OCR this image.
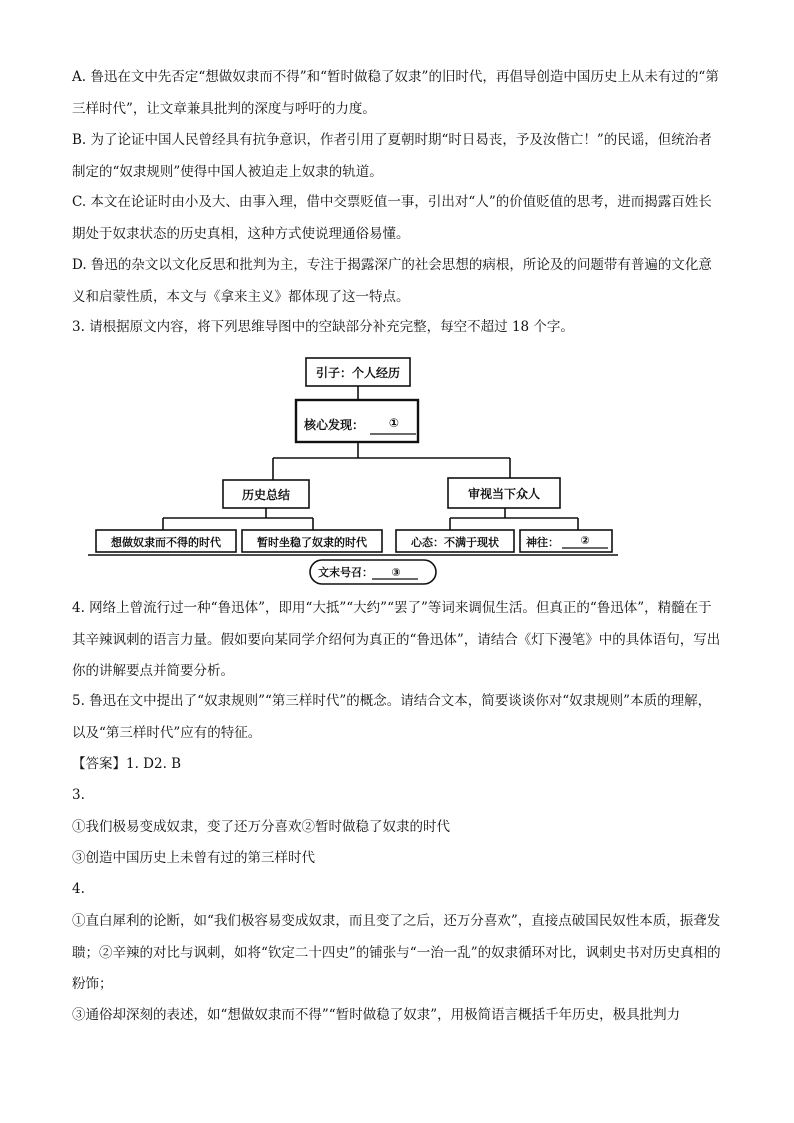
A. 鲁迅在文中先否定“想做奴隶而不得”和“暂时做稳了奴隶”的旧时代，再倡导创造中国历史上从未有过的“第三样时代”，让文章兼具批判的深度与呼吁的力度。

B. 为了论证中国人民曾经具有抗争意识，作者引用了夏朝时期“时日曷丧，予及汝偕亡！”的民谣，但统治者制定的“奴隶规则”使得中国人被迫走上奴隶的轨道。

C. 本文在论证时由小及大、由事入理，借中交票贬值一事，引出对“人”的价值贬值的思考，进而揭露百姓长期处于奴隶状态的历史真相，这种方式使说理通俗易懂。

D. 鲁迅的杂文以文化反思和批判为主，专注于揭露深广的社会思想的病根，所论及的问题带有普遍的文化意义和启蒙性质，本文与《拿来主义》都体现了这一特点。

3. 请根据原文内容，将下列思维导图中的空缺部分补充完整，每空不超过 18 个字。

引子：个人经历
核心发现： ①
历史总结	审视当下众人
想做奴隶而不得的时代	暂时坐稳了奴隶的时代	心态：不满于现状 神往： ②
文末号召： ③

4. 网络上曾流行过一种“鲁迅体”，即用“大抵”“大约”“罢了”等词来调侃生活。但真正的“鲁迅体”，精髓在于其辛辣讽刺的语言力量。假如要向某同学介绍何为真正的“鲁迅体”，请结合《灯下漫笔》中的具体语句，写出你的讲解要点并简要分析。

5. 鲁迅在文中提出了“奴隶规则”“第三样时代”的概念。请结合文本，简要谈谈你对“奴隶规则”本质的理解，以及“第三样时代”应有的特征。

【答案】1. D2. B

3.

①我们极易变成奴隶，变了还万分喜欢②暂时做稳了奴隶的时代

③创造中国历史上未曾有过的第三样时代

4.

①直白犀利的论断，如“我们极容易变成奴隶，而且变了之后，还万分喜欢”，直接点破国民奴性本质，振聋发聩；②辛辣的对比与讽刺，如将“钦定二十四史”的铺张与“一治一乱”的奴隶循环对比，讽刺史书对历史真相的粉饰；

③通俗却深刻的表述，如“想做奴隶而不得”“暂时做稳了奴隶”，用极简语言概括千年历史，极具批判力
